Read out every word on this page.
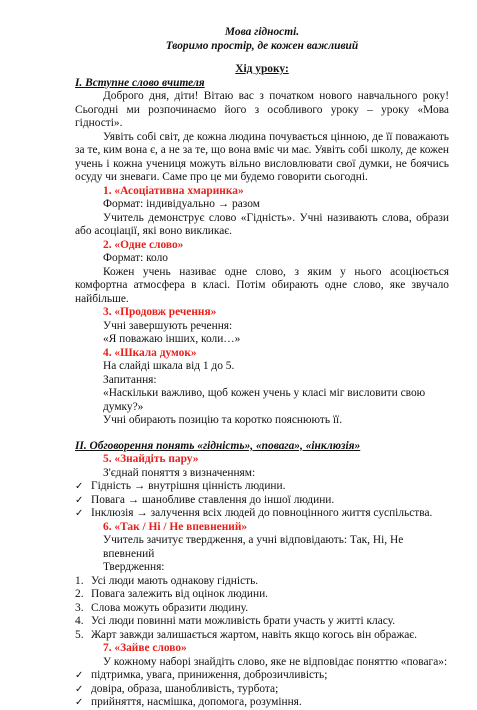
Мова гідності.
Творимо простір, де кожен важливий
Хід уроку:
І. Вступне слово вчителя
Доброго дня, діти! Вітаю вас з початком нового навчального року! Сьогодні ми розпочинаємо його з особливого уроку – уроку «Мова гідності».
Уявіть собі світ, де кожна людина почувається цінною, де її поважають за те, ким вона є, а не за те, що вона вміє чи має. Уявіть собі школу, де кожен учень і кожна учениця можуть вільно висловлювати свої думки, не боячись осуду чи зневаги. Саме про це ми будемо говорити сьогодні.
1. «Асоціативна хмаринка»
Формат: індивідуально → разом
Учитель демонструє слово «Гідність». Учні називають слова, образи або асоціації, які воно викликає.
2. «Одне слово»
Формат: коло
Кожен учень називає одне слово, з яким у нього асоціюється комфортна атмосфера в класі. Потім обирають одне слово, яке звучало найбільше.
3. «Продовж речення»
Учні завершують речення:
«Я поважаю інших, коли…»
4. «Шкала думок»
На слайді шкала від 1 до 5.
Запитання:
«Наскільки важливо, щоб кожен учень у класі міг висловити свою думку?»
Учні обирають позицію та коротко пояснюють її.
ІІ. Обговорення понять «гідність», «повага», «інклюзія»
5. «Знайдіть пару»
З'єднай поняття з визначенням:
✓ Гідність → внутрішня цінність людини.
✓ Повага → шанобливе ставлення до іншої людини.
✓ Інклюзія → залучення всіх людей до повноцінного життя суспільства.
6. «Так / Ні / Не впевнений»
Учитель зачитує твердження, а учні відповідають: Так, Ні, Не впевнений
Твердження:
1. Усі люди мають однакову гідність.
2. Повага залежить від оцінок людини.
3. Слова можуть образити людину.
4. Усі люди повинні мати можливість брати участь у житті класу.
5. Жарт завжди залишається жартом, навіть якщо когось він ображає.
7. «Зайве слово»
У кожному наборі знайдіть слово, яке не відповідає поняттю «повага»:
✓ підтримка, увага, приниження, доброзичливість;
✓ довіра, образа, шанобливість, турбота;
✓ прийняття, насмішка, допомога, розуміння.
